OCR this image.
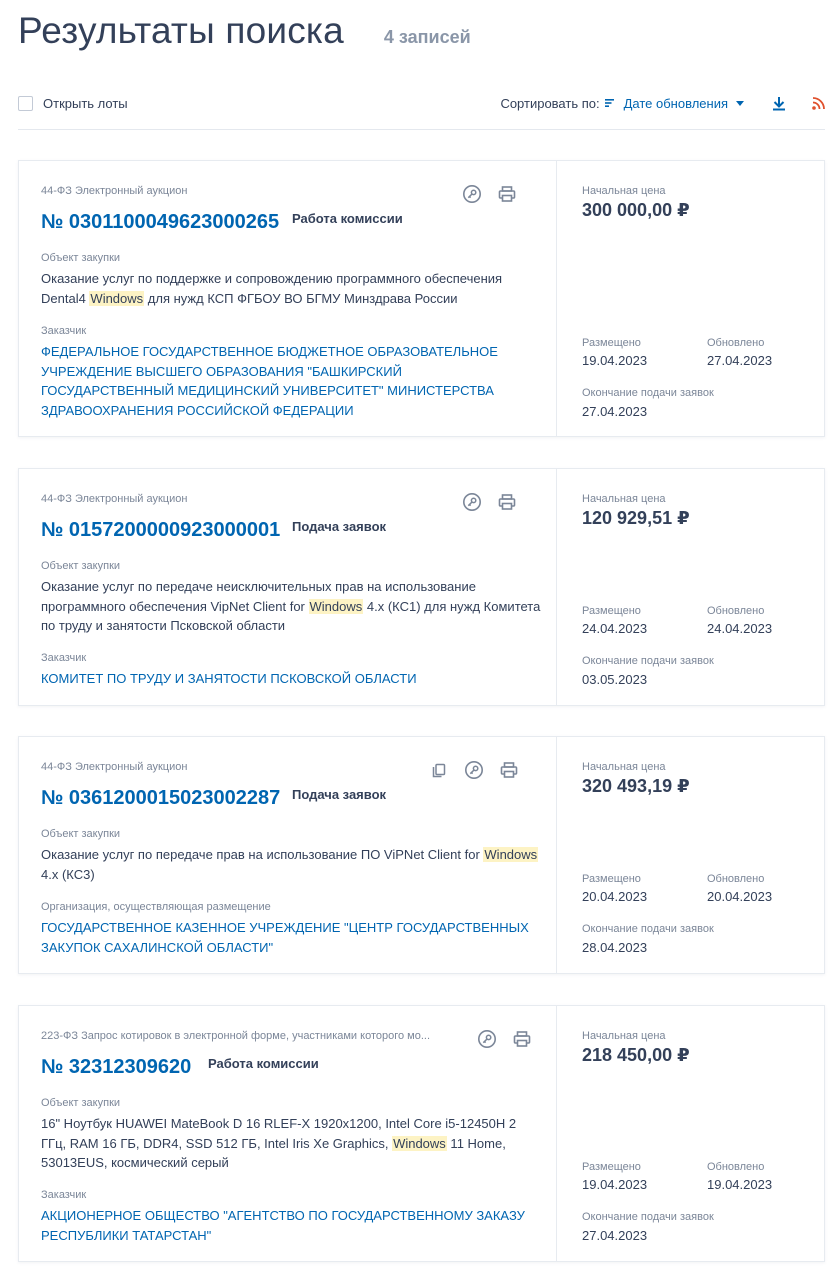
Результаты поиска 4 записей
Открыть лоты	Сортировать по: Дате обновления
44-ФЗ Электронный аукцион
№ 0301100049623000265 Работа комиссии
Объект закупки
Оказание услуг по поддержке и сопровождению программного обеспечения Dental4 Windows для нужд КСП ФГБОУ ВО БГМУ Минздрава России
Заказчик
ФЕДЕРАЛЬНОЕ ГОСУДАРСТВЕННОЕ БЮДЖЕТНОЕ ОБРАЗОВАТЕЛЬНОЕ УЧРЕЖДЕНИЕ ВЫСШЕГО ОБРАЗОВАНИЯ "БАШКИРСКИЙ ГОСУДАРСТВЕННЫЙ МЕДИЦИНСКИЙ УНИВЕРСИТЕТ" МИНИСТЕРСТВА ЗДРАВООХРАНЕНИЯ РОССИЙСКОЙ ФЕДЕРАЦИИ
Начальная цена
300 000,00 ₽
Размещено
19.04.2023
Обновлено
27.04.2023
Окончание подачи заявок
27.04.2023
44-ФЗ Электронный аукцион
№ 0157200000923000001 Подача заявок
Объект закупки
Оказание услуг по передаче неисключительных прав на использование программного обеспечения VipNet Client for Windows 4.x (КС1) для нужд Комитета по труду и занятости Псковской области
Заказчик
КОМИТЕТ ПО ТРУДУ И ЗАНЯТОСТИ ПСКОВСКОЙ ОБЛАСТИ
Начальная цена
120 929,51 ₽
Размещено
24.04.2023
Обновлено
24.04.2023
Окончание подачи заявок
03.05.2023
44-ФЗ Электронный аукцион
№ 0361200015023002287 Подача заявок
Объект закупки
Оказание услуг по передаче прав на использование ПО ViPNet Client for Windows 4.x (КС3)
Организация, осуществляющая размещение
ГОСУДАРСТВЕННОЕ КАЗЕННОЕ УЧРЕЖДЕНИЕ "ЦЕНТР ГОСУДАРСТВЕННЫХ ЗАКУПОК САХАЛИНСКОЙ ОБЛАСТИ"
Начальная цена
320 493,19 ₽
Размещено
20.04.2023
Обновлено
20.04.2023
Окончание подачи заявок
28.04.2023
223-ФЗ Запрос котировок в электронной форме, участниками которого мо...
№ 32312309620 Работа комиссии
Объект закупки
16" Ноутбук HUAWEI MateBook D 16 RLEF-X 1920x1200, Intel Core i5-12450H 2 ГГц, RAM 16 ГБ, DDR4, SSD 512 ГБ, Intel Iris Xe Graphics, Windows 11 Home, 53013EUS, космический серый
Заказчик
АКЦИОНЕРНОЕ ОБЩЕСТВО "АГЕНТСТВО ПО ГОСУДАРСТВЕННОМУ ЗАКАЗУ РЕСПУБЛИКИ ТАТАРСТАН"
Начальная цена
218 450,00 ₽
Размещено
19.04.2023
Обновлено
19.04.2023
Окончание подачи заявок
27.04.2023
